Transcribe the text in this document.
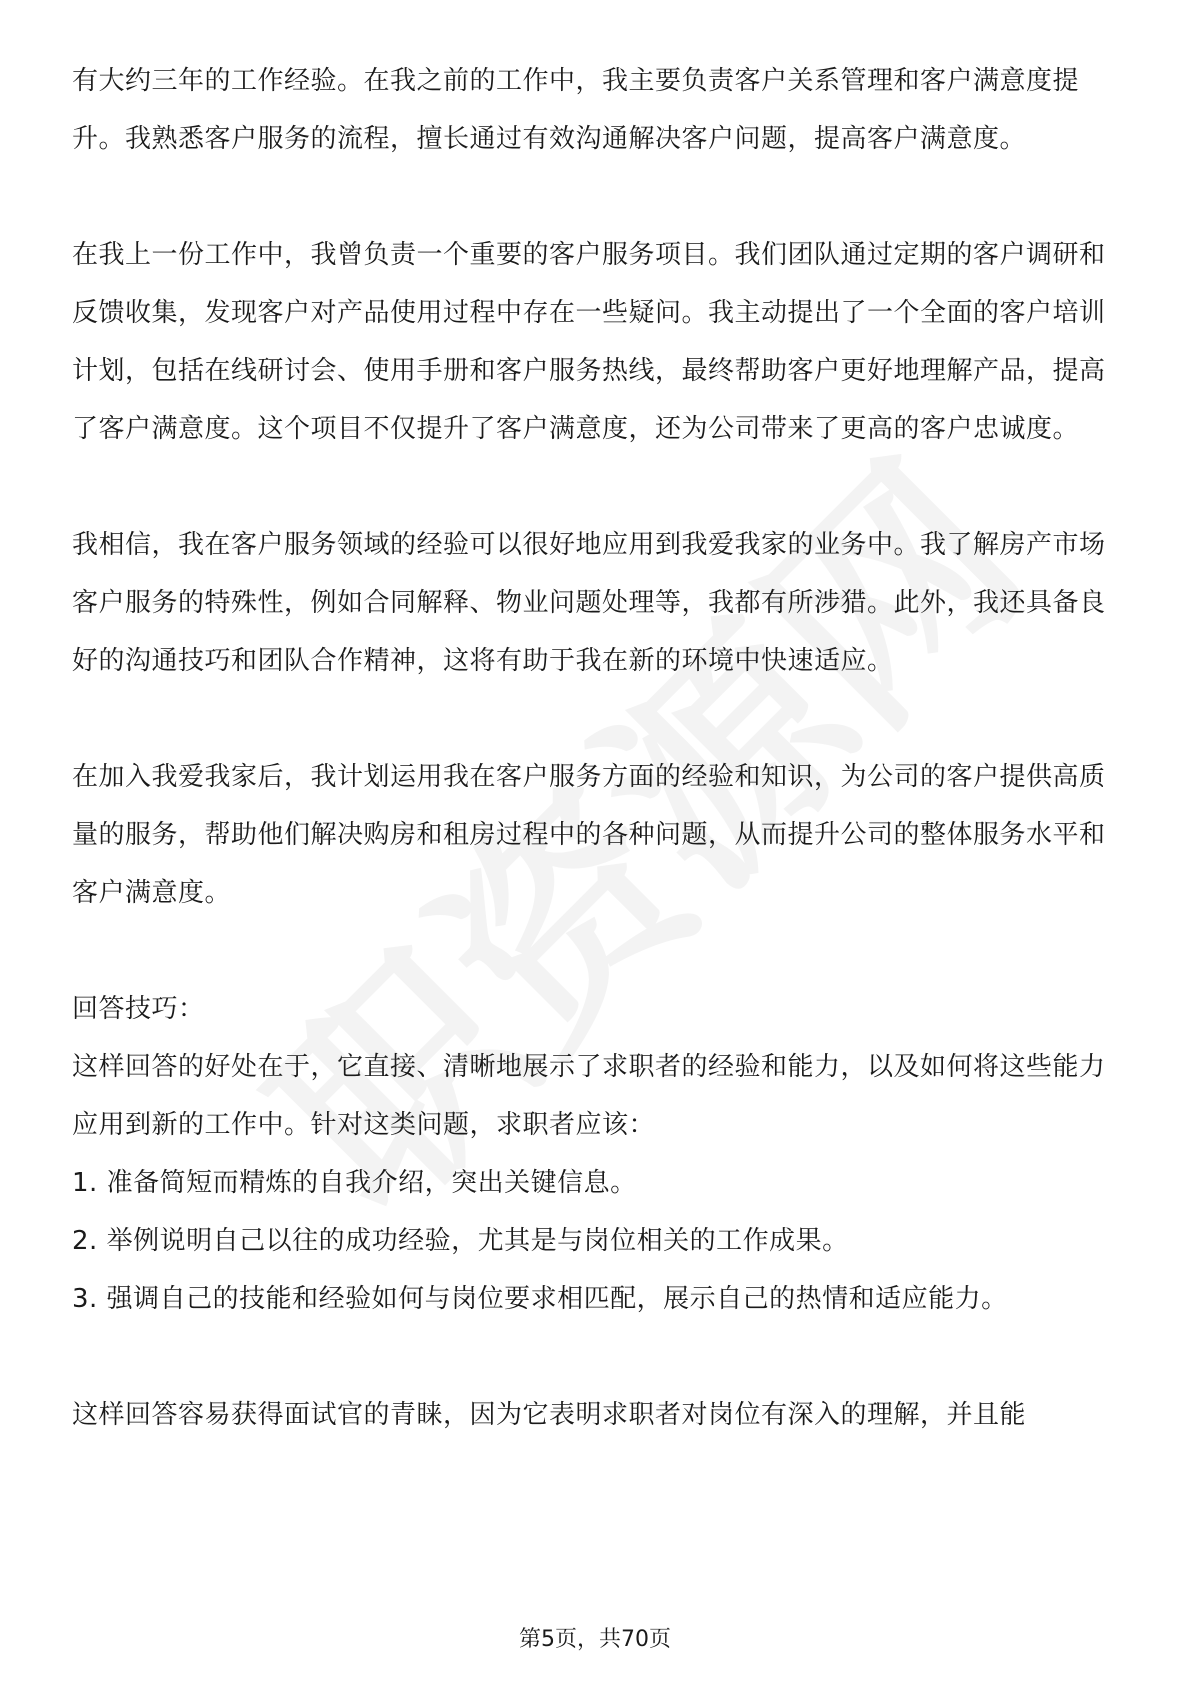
有大约三年的工作经验。在我之前的工作中，我主要负责客户关系管理和客户满意度提升。我熟悉客户服务的流程，擅长通过有效沟通解决客户问题，提高客户满意度。

在我上一份工作中，我曾负责一个重要的客户服务项目。我们团队通过定期的客户调研和反馈收集，发现客户对产品使用过程中存在一些疑问。我主动提出了一个全面的客户培训计划，包括在线研讨会、使用手册和客户服务热线，最终帮助客户更好地理解产品，提高了客户满意度。这个项目不仅提升了客户满意度，还为公司带来了更高的客户忠诚度。

我相信，我在客户服务领域的经验可以很好地应用到我爱我家的业务中。我了解房产市场客户服务的特殊性，例如合同解释、物业问题处理等，我都有所涉猎。此外，我还具备良好的沟通技巧和团队合作精神，这将有助于我在新的环境中快速适应。

在加入我爱我家后，我计划运用我在客户服务方面的经验和知识，为公司的客户提供高质量的服务，帮助他们解决购房和租房过程中的各种问题，从而提升公司的整体服务水平和客户满意度。

回答技巧：

这样回答的好处在于，它直接、清晰地展示了求职者的经验和能力，以及如何将这些能力应用到新的工作中。针对这类问题，求职者应该：

1. 准备简短而精炼的自我介绍，突出关键信息。

2. 举例说明自己以往的成功经验，尤其是与岗位相关的工作成果。

3. 强调自己的技能和经验如何与岗位要求相匹配，展示自己的热情和适应能力。

这样回答容易获得面试官的青睐，因为它表明求职者对岗位有深入的理解，并且能

第5页，共70页
